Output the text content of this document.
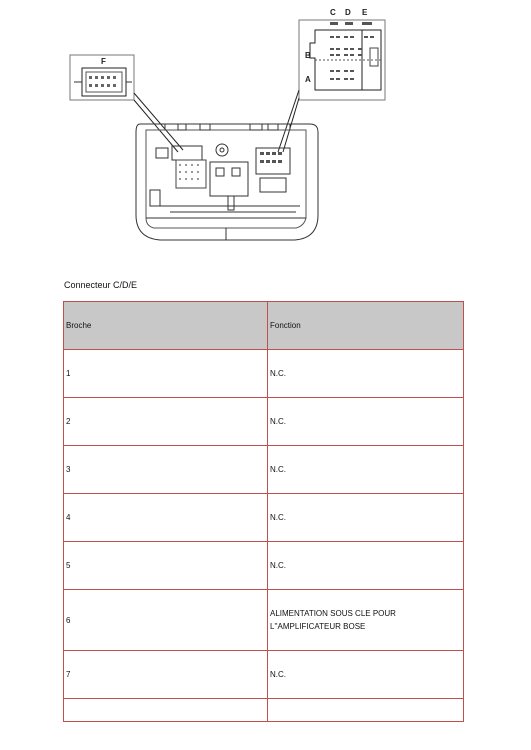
C D E
B
A
F
Connecteur C/D/E
Broche	Fonction
1	N.C.
2	N.C.
3	N.C.
4	N.C.
5	N.C.
6	ALIMENTATION SOUS CLE POUR L''AMPLIFICATEUR BOSE
7	N.C.
